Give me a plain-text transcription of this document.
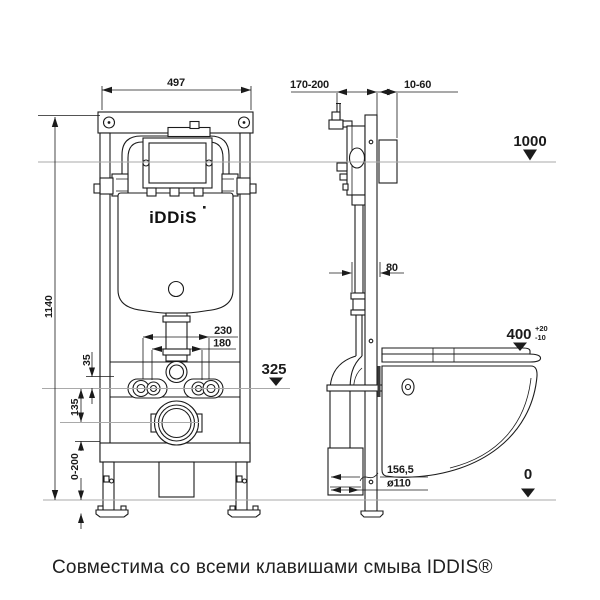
iDDiS
497
1140
1000
230
180
35
135
0-200
325
170-200	10-60
80
400 +20
-10
156,5
ø110
0
Совместима со всеми клавишами смыва IDDIS®
